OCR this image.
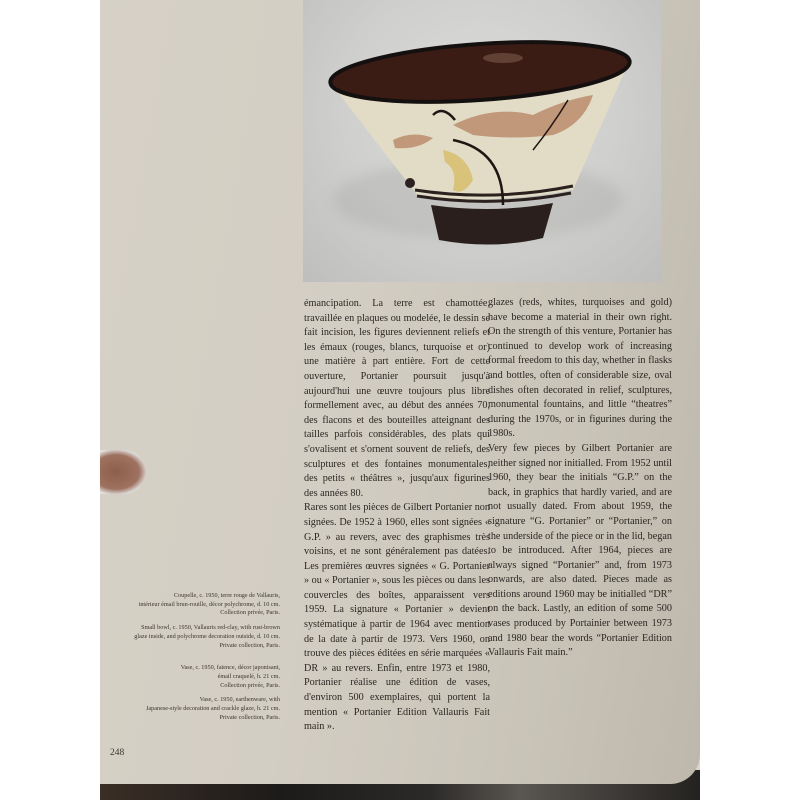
émancipation. La terre est chamottée, travaillée en plaques ou modelée, le dessin se fait incision, les figures deviennent reliefs et les émaux (rouges, blancs, turquoise et or) une matière à part entière. Fort de cette ouverture, Portanier poursuit jusqu'à aujourd'hui une œuvre toujours plus libre formellement avec, au début des années 70, des flacons et des bouteilles atteignant des tailles parfois considérables, des plats qui s'ovalisent et s'ornent souvent de reliefs, des sculptures et des fontaines monumentales, des petits « théâtres », jusqu'aux figurines des années 80.

Rares sont les pièces de Gilbert Portanier non signées. De 1952 à 1960, elles sont signées « G.P. » au revers, avec des graphismes très voisins, et ne sont généralement pas datées. Les premières œuvres signées « G. Portanier » ou « Portanier », sous les pièces ou dans les couvercles des boîtes, apparaissent vers 1959. La signature « Portanier » devient systématique à partir de 1964 avec mention de la date à partir de 1973. Vers 1960, on trouve des pièces éditées en série marquées « DR » au revers. Enfin, entre 1973 et 1980, Portanier réalise une édition de vases, d'environ 500 exemplaires, qui portent la mention « Portanier Edition Vallauris Fait main ».

glazes (reds, whites, turquoises and gold) have become a material in their own right. On the strength of this venture, Portanier has continued to develop work of increasing formal freedom to this day, whether in flasks and bottles, often of considerable size, oval dishes often decorated in relief, sculptures, monumental fountains, and little “theatres” during the 1970s, or in figurines during the 1980s.

Very few pieces by Gilbert Portanier are neither signed nor initialled. From 1952 until 1960, they bear the initials “G.P.” on the back, in graphics that hardly varied, and are not usually dated. From about 1959, the signature “G. Portanier” or “Portanier,” on the underside of the piece or in the lid, began to be introduced. After 1964, pieces are always signed “Portanier” and, from 1973 onwards, are also dated. Pieces made as editions around 1960 may be initialled “DR” on the back. Lastly, an edition of some 500 vases produced by Portainier between 1973 and 1980 bear the words “Portanier Edition Vallauris Fait main.”

Coupelle, c. 1950, terre rouge de Vallauris,
intérieur émail brun-rouille, décor polychrome, d. 10 cm.
Collection privée, Paris.
Small bowl, c. 1950, Vallauris red-clay, with rust-brown
glaze inside, and polychrome decoration outside, d. 10 cm.
Private collection, Paris.
Vase, c. 1950, faïence, décor japonisant,
émail craquelé, h. 21 cm.
Collection privée, Paris.
Vase, c. 1950, earthenware, with
Japanese-style decoration and crackle glaze, h. 21 cm.
Private collection, Paris.
248
